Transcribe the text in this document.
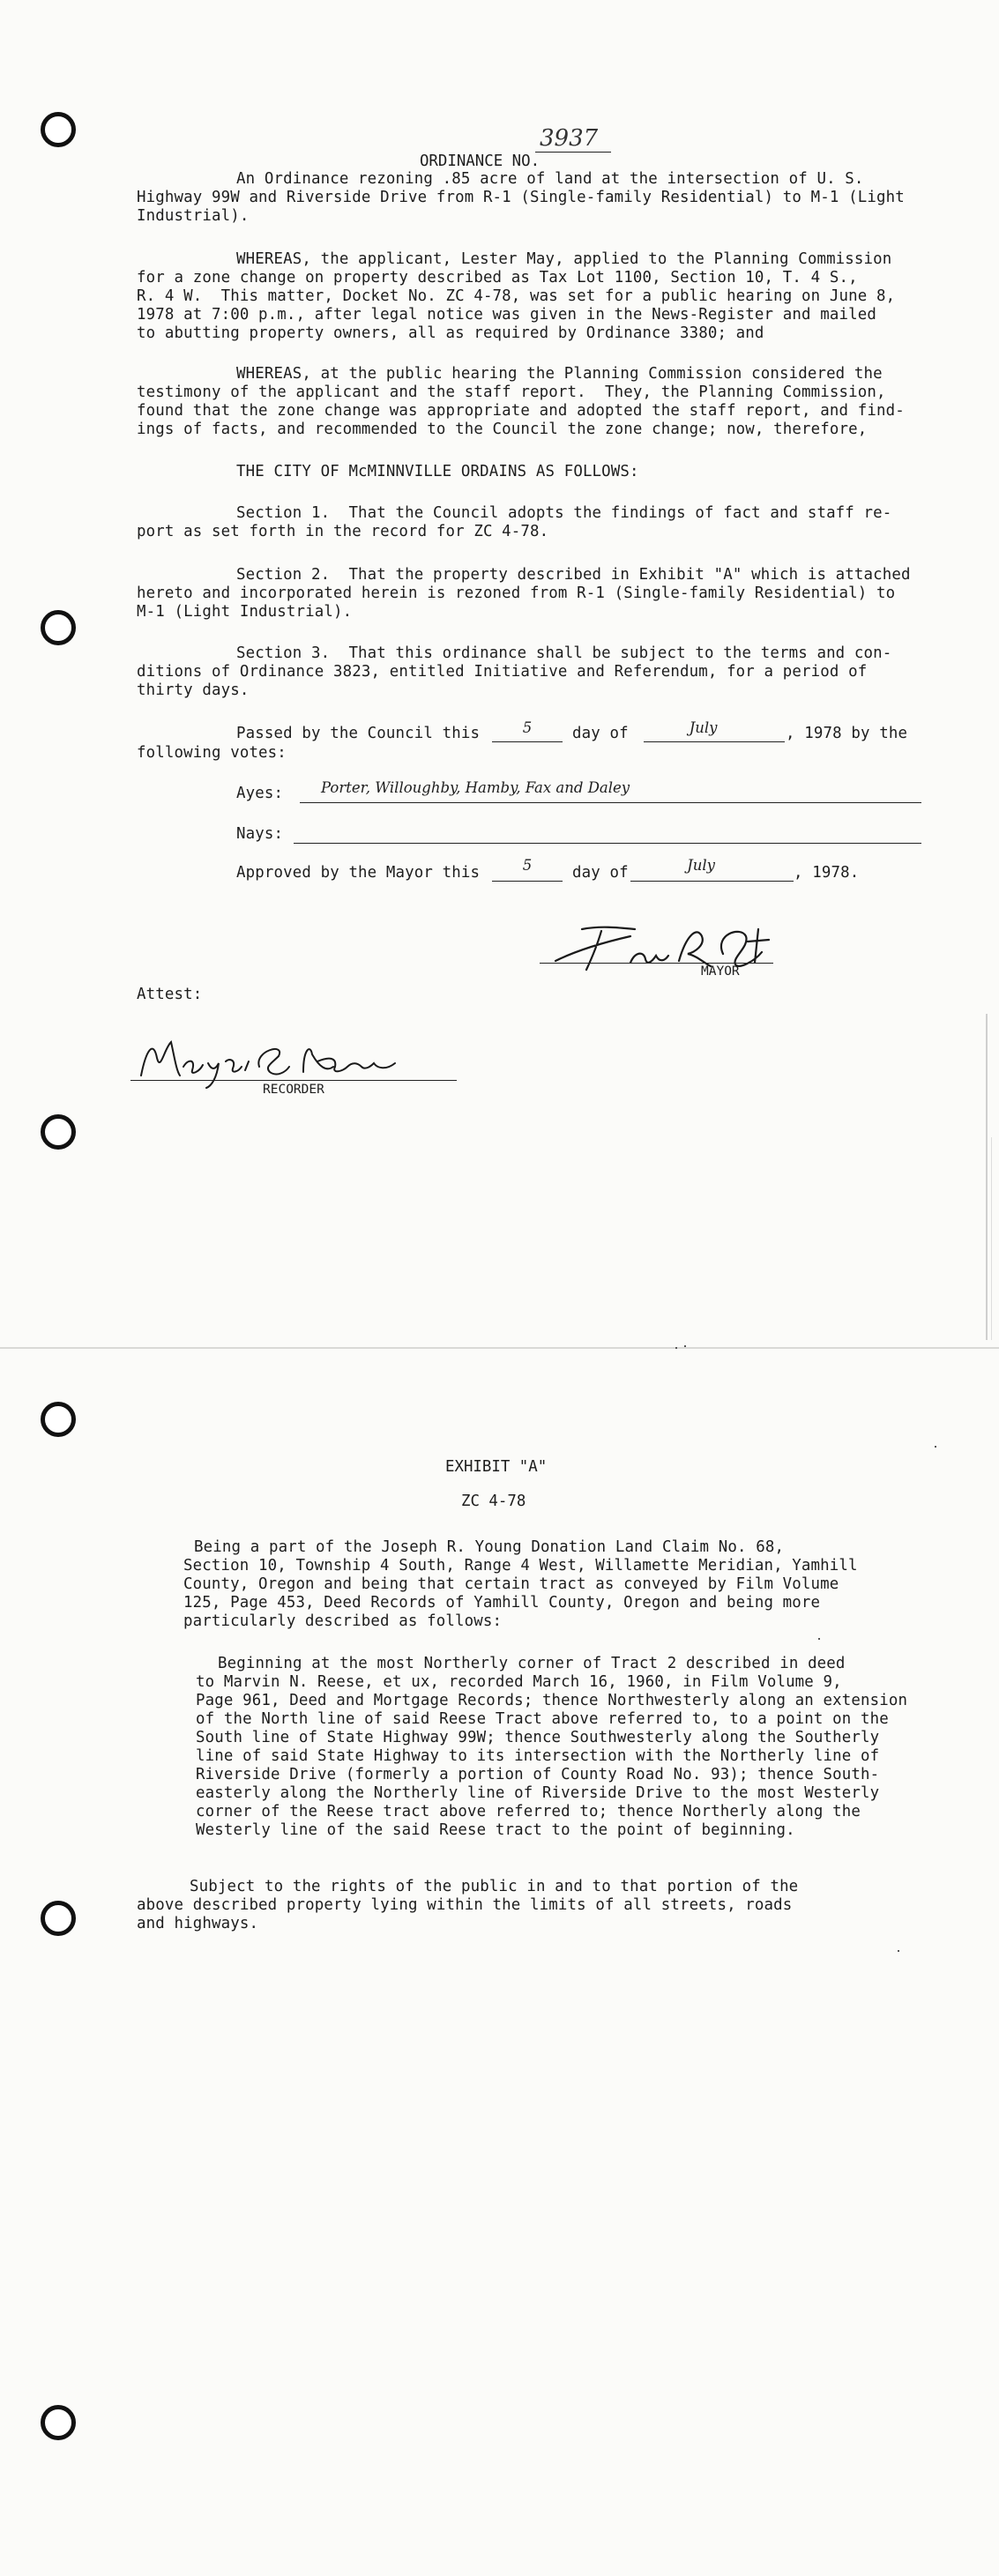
ORDINANCE NO.

3937
An Ordinance rezoning .85 acre of land at the intersection of U. S.
Highway 99W and Riverside Drive from R-1 (Single-family Residential) to M-1 (Light
Industrial).
WHEREAS, the applicant, Lester May, applied to the Planning Commission
for a zone change on property described as Tax Lot 1100, Section 10, T. 4 S.,
R. 4 W.  This matter, Docket No. ZC 4-78, was set for a public hearing on June 8,
1978 at 7:00 p.m., after legal notice was given in the News-Register and mailed
to abutting property owners, all as required by Ordinance 3380; and
WHEREAS, at the public hearing the Planning Commission considered the
testimony of the applicant and the staff report.  They, the Planning Commission,
found that the zone change was appropriate and adopted the staff report, and find-
ings of facts, and recommended to the Council the zone change; now, therefore,
THE CITY OF McMINNVILLE ORDAINS AS FOLLOWS:
Section 1.  That the Council adopts the findings of fact and staff re-
port as set forth in the record for ZC 4-78.
Section 2.  That the property described in Exhibit "A" which is attached
hereto and incorporated herein is rezoned from R-1 (Single-family Residential) to
M-1 (Light Industrial).
Section 3.  That this ordinance shall be subject to the terms and con-
ditions of Ordinance 3823, entitled Initiative and Referendum, for a period of
thirty days.
Passed by the Council this	5	day of	July	, 1978 by the
following votes:
Ayes:	Porter, Willoughby, Hamby, Fax and Daley
Nays:
Approved by the Mayor this	5	day of	July	, 1978.
MAYOR
Attest:
RECORDER
EXHIBIT "A"
ZC 4-78
Being a part of the Joseph R. Young Donation Land Claim No. 68,
Section 10, Township 4 South, Range 4 West, Willamette Meridian, Yamhill
County, Oregon and being that certain tract as conveyed by Film Volume
125, Page 453, Deed Records of Yamhill County, Oregon and being more
particularly described as follows:
Beginning at the most Northerly corner of Tract 2 described in deed
to Marvin N. Reese, et ux, recorded March 16, 1960, in Film Volume 9,
Page 961, Deed and Mortgage Records; thence Northwesterly along an extension
of the North line of said Reese Tract above referred to, to a point on the
South line of State Highway 99W; thence Southwesterly along the Southerly
line of said State Highway to its intersection with the Northerly line of
Riverside Drive (formerly a portion of County Road No. 93); thence South-
easterly along the Northerly line of Riverside Drive to the most Westerly
corner of the Reese tract above referred to; thence Northerly along the
Westerly line of the said Reese tract to the point of beginning.
Subject to the rights of the public in and to that portion of the
above described property lying within the limits of all streets, roads
and highways.
